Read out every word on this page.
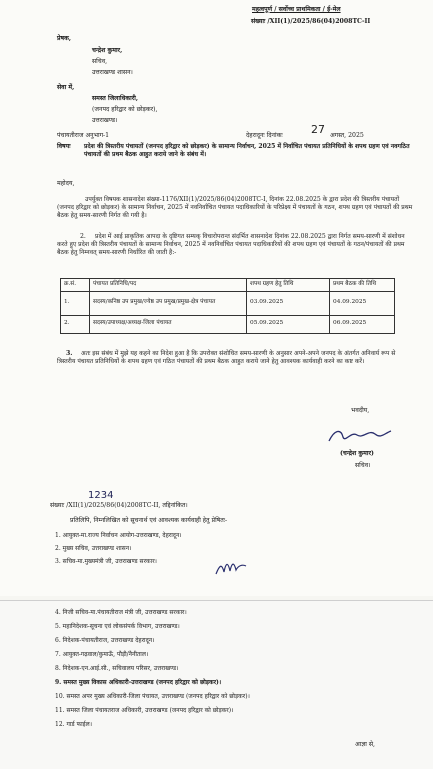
महत्वपूर्ण / सर्वोच्च प्राथमिकता / ई-मेल
संख्याः /XII(1)/2025/86(04)2008TC-II
प्रेषक,
चन्द्रेश कुमार,
सचिव,
उत्तराखण्ड शासन।
सेवा में,
समस्त जिलाधिकारी,
(जनपद हरिद्वार को छोड़कर),
उत्तराखण्ड।
पंचायतीराज अनुभाग-1	देहरादूनः दिनांकः	27 अगस्त, 2025
विषयः प्रदेश की त्रिस्तरीय पंचायतों (जनपद हरिद्वार को छोड़कर) के सामान्य निर्वाचन, 2025 में निर्वाचित पंचायत प्रतिनिधियों के शपथ ग्रहण एवं नवगठित पंचायतों की प्रथम बैठक आहुत कराये जाने के संबंध में।
महोदय,
उपर्युक्त विषयक शासनादेश संख्या-1176/XII(1)/2025/86(04)2008TC-I, दिनांक 22.08.2025 के द्वारा प्रदेश की त्रिस्तरीय पंचायतों (जनपद हरिद्वार को छोड़कर) के सामान्य निर्वाचन, 2025 में नवनिर्वाचित पंचायत पदाधिकारियों के परिप्रेक्ष्य में पंचायतों के गठन, शपथ ग्रहण एवं पंचायतों की प्रथम बैठक हेतु समय-सारणी निर्गत की गयी है।
2.	प्रदेश में आई प्राकृतिक आपदा के दृष्टिगत सम्यक् विचारोपरान्त संदर्भित शासनादेश दिनांक 22.08.2025 द्वारा निर्गत समय-सारणी में संशोधन करते हुए प्रदेश की त्रिस्तरीय पंचायतों के सामान्य निर्वाचन, 2025 में नवनिर्वाचित पंचायत पदाधिकारियों की शपथ ग्रहण एवं पंचायतों के गठन/पंचायतों की प्रथम बैठक हेतु निम्नवत् समय-सारणी निर्धारित की जाती है:-
क्र.सं.	पंचायत प्रतिनिधि/पद	शपथ ग्रहण हेतु तिथि	प्रथम बैठक की तिथि
1.	सदस्य/कनिष्ठ उप प्रमुख/ज्येष्ठ उप प्रमुख/प्रमुख-क्षेत्र पंचायत	03.09.2025	04.09.2025
2.	सदस्य/उपाध्यक्ष/अध्यक्ष-जिला पंचायत	05.09.2025	06.09.2025
3.	अतः इस संबंध में मुझे यह कहने का निदेश हुआ है कि उपरोक्त संशोधित समय-सारणी के अनुसार अपने-अपने जनपद के अंतर्गत अनिवार्य रूप से त्रिस्तरीय पंचायत प्रतिनिधियों के शपथ ग्रहण एवं गठित पंचायतों की प्रथम बैठक आहुत कराये जाने हेतु आवश्यक कार्यवाही करने का कष्ट करें।
भवदीय,
(चन्द्रेश कुमार)
सचिव।
1234
संख्याः /XII(1)/2025/86(04)2008TC-II, तद्दिनांकित।
प्रतिलिपि, निम्नलिखित को सूचनार्थ एवं आवश्यक कार्यवाही हेतु प्रेषितः-
1. आयुक्त-मा.राज्य निर्वाचन आयोग-उत्तराखण्ड, देहरादून।
2. मुख्य सचिव, उत्तराखण्ड शासन।
3. सचिव-मा.मुख्यमंत्री जी, उत्तराखण्ड सरकार।
4. निजी सचिव-मा.पंचायतीराज मंत्री जी, उत्तराखण्ड सरकार।
5. महानिदेशक-सूचना एवं लोकसंपर्क विभाग, उत्तराखण्ड।
6. निदेशक-पंचायतीराज, उत्तराखण्ड देहरादून।
7. आयुक्त-गढ़वाल/कुमाऊँ, पौड़ी/नैनीताल।
8. निदेशक-एन.आई.सी., सचिवालय परिसर, उत्तराखण्ड।
9. समस्त मुख्य विकास अधिकारी-उत्तराखण्ड (जनपद हरिद्वार को छोड़कर)।
10. समस्त अपर मुख्य अधिकारी-जिला पंचायत, उत्तराखण्ड (जनपद हरिद्वार को छोड़कर)।
11. समस्त जिला पंचायतराज अधिकारी, उत्तराखण्ड (जनपद हरिद्वार को छोड़कर)।
12. गार्ड फाईल।
आज्ञा से,
